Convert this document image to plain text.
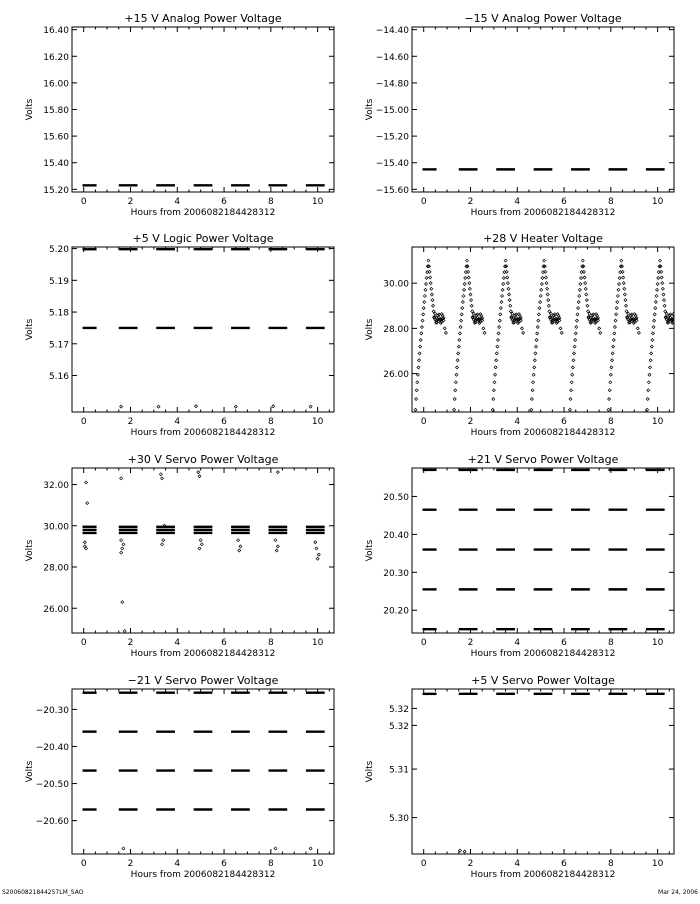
+15 V Analog Power Voltage
0	2	4	6	8	10
15.20
15.40
15.60
15.80
16.00
16.20
16.40
Hours from 2006082184428312
Volts
−15 V Analog Power Voltage
0	2	4	6	8	10
−15.60
−15.40
−15.20
−15.00
−14.80
−14.60
−14.40
Hours from 2006082184428312
Volts
+5 V Logic Power Voltage
0	2	4	6	8	10
5.16
5.17
5.18
5.19
5.20
Hours from 2006082184428312
Volts
+28 V Heater Voltage
0	2	4	6	8	10
26.00
28.00
30.00
Hours from 2006082184428312
Volts
+30 V Servo Power Voltage
0	2	4	6	8	10
26.00
28.00
30.00
32.00
Hours from 2006082184428312
Volts
+21 V Servo Power Voltage
0	2	4	6	8	10
20.20
20.30
20.40
20.50
Hours from 2006082184428312
Volts
−21 V Servo Power Voltage
0	2	4	6	8	10
−20.60
−20.50
−20.40
−20.30
Hours from 2006082184428312
Volts
+5 V Servo Power Voltage
0	2	4	6	8	10
5.30
5.31
5.32
5.32
Hours from 2006082184428312
Volts
S20060821844257LM_SAO	Mar 24, 2006
